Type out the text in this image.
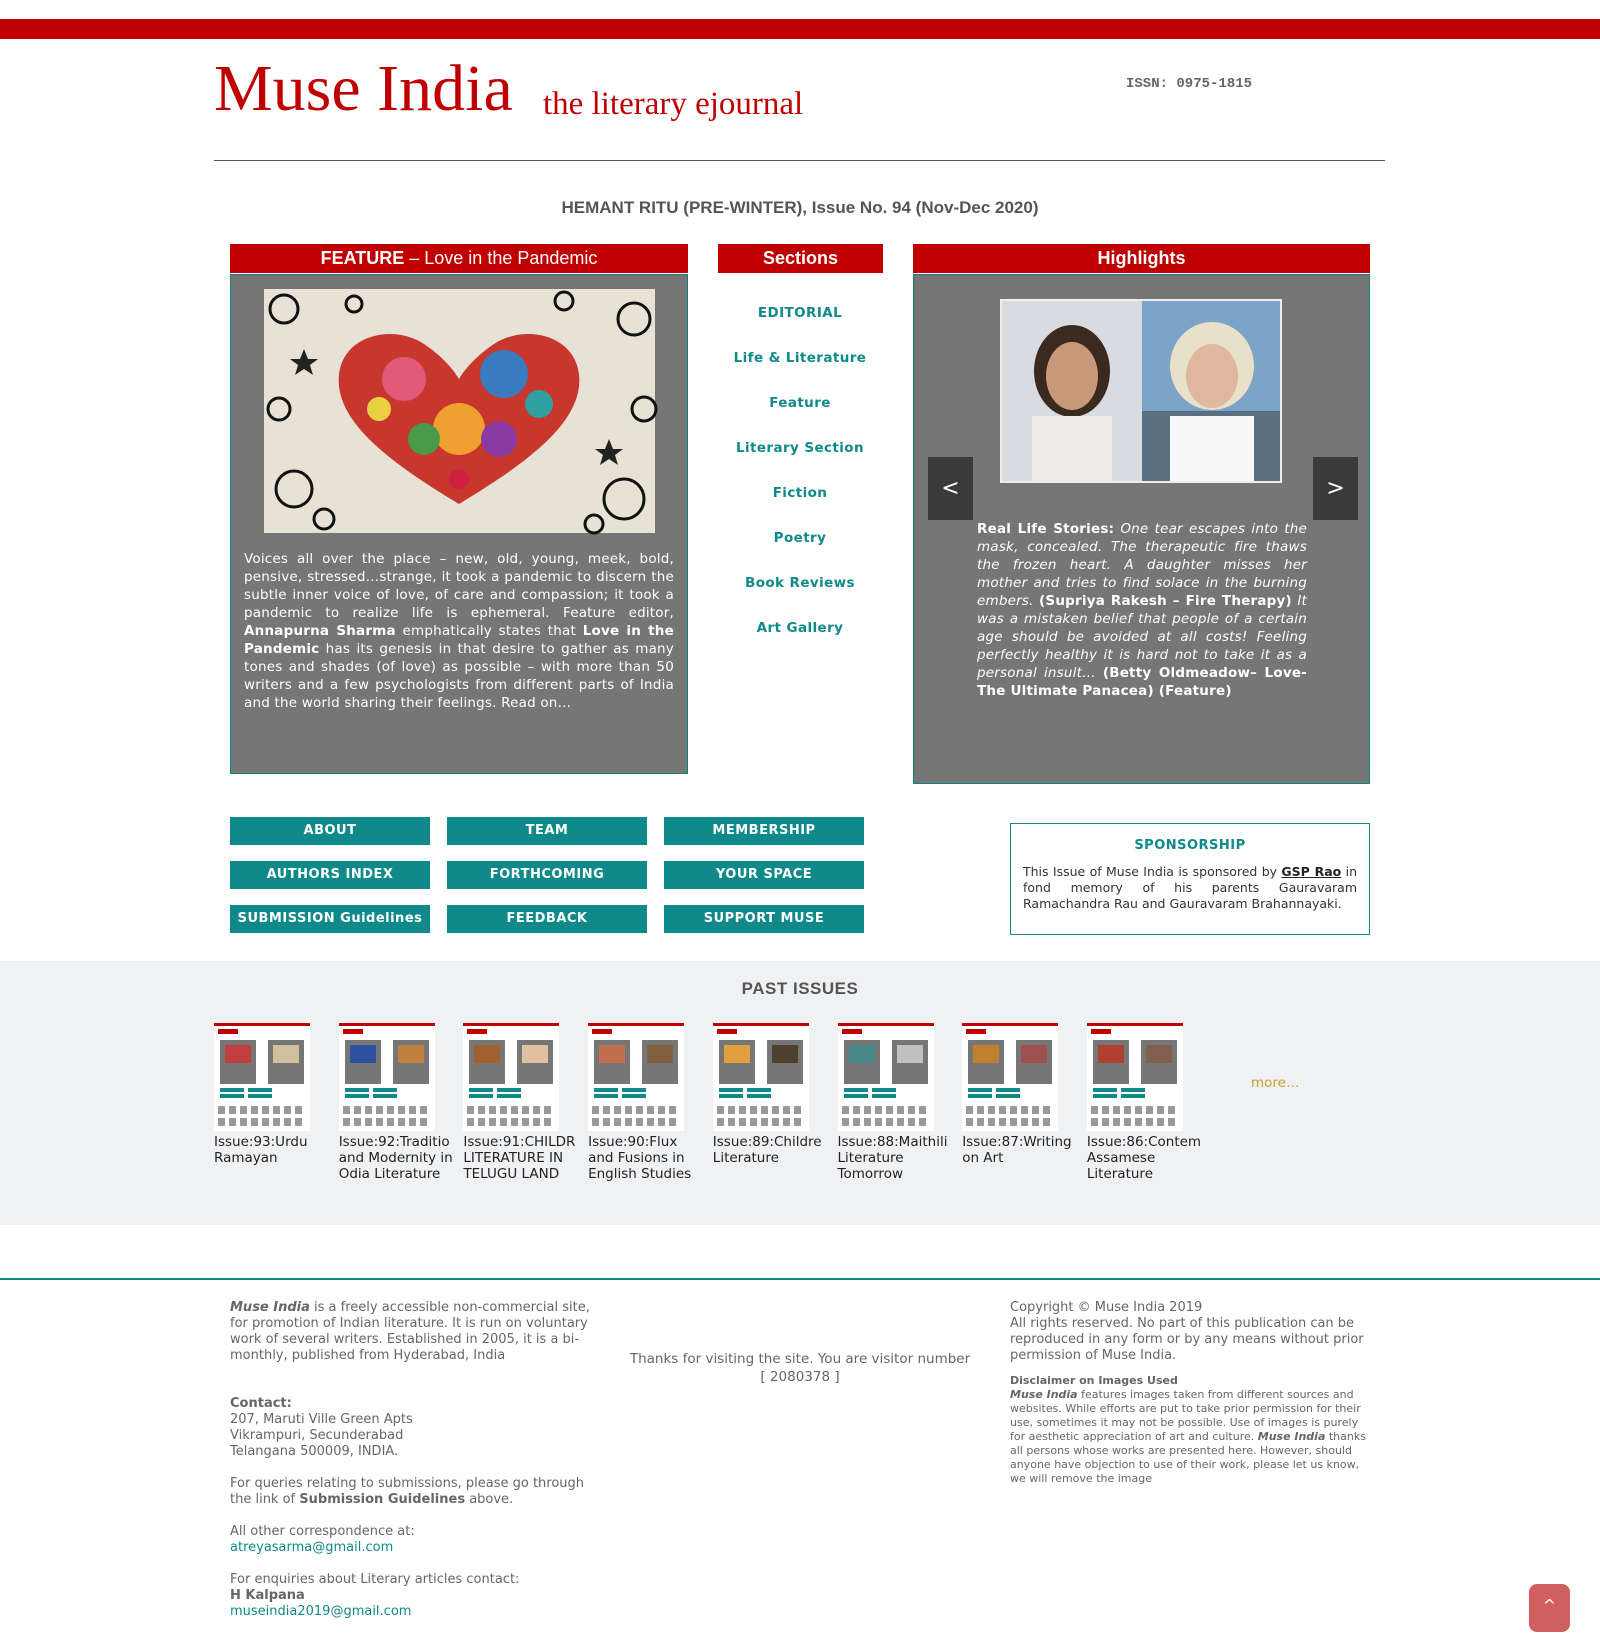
Muse India the literary ejournal
ISSN: 0975-1815
HEMANT RITU (PRE-WINTER), Issue No. 94 (Nov-Dec 2020)
FEATURE – Love in the Pandemic
Voices all over the place – new, old, young, meek, bold, pensive, stressed…strange, it took a pandemic to discern the subtle inner voice of love, of care and compassion; it took a pandemic to realize life is ephemeral. Feature editor, Annapurna Sharma emphatically states that Love in the Pandemic has its genesis in that desire to gather as many tones and shades (of love) as possible – with more than 50 writers and a few psychologists from different parts of India and the world sharing their feelings. Read on…
Sections
EDITORIAL
Life & Literature
Feature
Literary Section
Fiction
Poetry
Book Reviews
Art Gallery
Highlights
<	>
Real Life Stories: One tear escapes into the mask, concealed. The therapeutic fire thaws the frozen heart. A daughter misses her mother and tries to find solace in the burning embers. (Supriya Rakesh – Fire Therapy) It was a mistaken belief that people of a certain age should be avoided at all costs! Feeling perfectly healthy it is hard not to take it as a personal insult… (Betty Oldmeadow– Love-The Ultimate Panacea) (Feature)
ABOUT	TEAM	MEMBERSHIP
AUTHORS INDEX	FORTHCOMING	YOUR SPACE
SUBMISSION Guidelines	FEEDBACK	SUPPORT MUSE
SPONSORSHIP
This Issue of Muse India is sponsored by GSP Rao in fond memory of his parents Gauravaram Ramachandra Rau and Gauravaram Brahannayaki.
PAST ISSUES
Issue:93:Urdu
Ramayan
Issue:92:Traditio
and Modernity in
Odia Literature
Issue:91:CHILDR
LITERATURE IN
TELUGU LAND
Issue:90:Flux
and Fusions in
English Studies
Issue:89:Childre
Literature
Issue:88:Maithili
Literature
Tomorrow
Issue:87:Writing
on Art
Issue:86:Contem
Assamese
Literature
more…

Muse India is a freely accessible non-commercial site, for promotion of Indian literature. It is run on voluntary work of several writers. Established in 2005, it is a bi-monthly, published from Hyderabad, India

Contact:

207, Maruti Ville Green Apts

Vikrampuri, Secunderabad

Telangana 500009, INDIA.

For queries relating to submissions, please go through the link of Submission Guidelines above.

All other correspondence at:

atreyasarma@gmail.com

For enquiries about Literary articles contact:

H Kalpana

museindia2019@gmail.com

Thanks for visiting the site. You are visitor number

[ 2080378 ]

Copyright © Muse India 2019

All rights reserved. No part of this publication can be reproduced in any form or by any means without prior permission of Muse India.

Disclaimer on Images Used

Muse India features images taken from different sources and websites. While efforts are put to take prior permission for their use, sometimes it may not be possible. Use of images is purely for aesthetic appreciation of art and culture. Muse India thanks all persons whose works are presented here. However, should anyone have objection to use of their work, please let us know, we will remove the image

^
